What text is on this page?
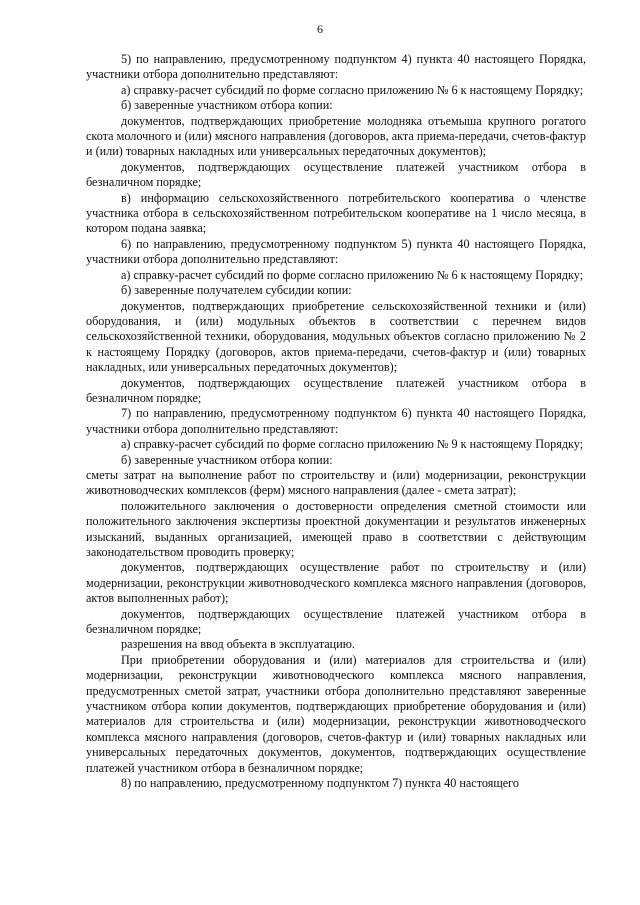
6

5) по направлению, предусмотренному подпунктом 4) пункта 40 настоящего Порядка, участники отбора дополнительно представляют:

а) справку-расчет субсидий по форме согласно приложению № 6 к настоящему Порядку;

б) заверенные участником отбора копии:

документов, подтверждающих приобретение молодняка отъемыша крупного рогатого скота молочного и (или) мясного направления (договоров, акта приема-передачи, счетов-фактур и (или) товарных накладных или универсальных передаточных документов);

документов, подтверждающих осуществление платежей участником отбора в безналичном порядке;

в) информацию сельскохозяйственного потребительского кооператива о членстве участника отбора в сельскохозяйственном потребительском кооперативе на 1 число месяца, в котором подана заявка;

6) по направлению, предусмотренному подпунктом 5) пункта 40 настоящего Порядка, участники отбора дополнительно представляют:

а) справку-расчет субсидий по форме согласно приложению № 6 к настоящему Порядку;

б) заверенные получателем субсидии копии:

документов, подтверждающих приобретение сельскохозяйственной техники и (или) оборудования, и (или) модульных объектов в соответствии с перечнем видов сельскохозяйственной техники, оборудования, модульных объектов согласно приложению № 2 к настоящему Порядку (договоров, актов приема-передачи, счетов-фактур и (или) товарных накладных, или универсальных передаточных документов);

документов, подтверждающих осуществление платежей участником отбора в безналичном порядке;

7) по направлению, предусмотренному подпунктом 6) пункта 40 настоящего Порядка, участники отбора дополнительно представляют:

а) справку-расчет субсидий по форме согласно приложению № 9 к настоящему Порядку;

б) заверенные участником отбора копии:

сметы затрат на выполнение работ по строительству и (или) модернизации, реконструкции животноводческих комплексов (ферм) мясного направления (далее - смета затрат);

положительного заключения о достоверности определения сметной стоимости или положительного заключения экспертизы проектной документации и результатов инженерных изысканий, выданных организацией, имеющей право в соответствии с действующим законодательством проводить проверку;

документов, подтверждающих осуществление работ по строительству и (или) модернизации, реконструкции животноводческого комплекса мясного направления (договоров, актов выполненных работ);

документов, подтверждающих осуществление платежей участником отбора в безналичном порядке;

разрешения на ввод объекта в эксплуатацию.

При приобретении оборудования и (или) материалов для строительства и (или) модернизации, реконструкции животноводческого комплекса мясного направления, предусмотренных сметой затрат, участники отбора дополнительно представляют заверенные участником отбора копии документов, подтверждающих приобретение оборудования и (или) материалов для строительства и (или) модернизации, реконструкции животноводческого комплекса мясного направления (договоров, счетов-фактур и (или) товарных накладных или универсальных передаточных документов, документов, подтверждающих осуществление платежей участником отбора в безналичном порядке;

8) по направлению, предусмотренному подпунктом 7) пункта 40 настоящего
